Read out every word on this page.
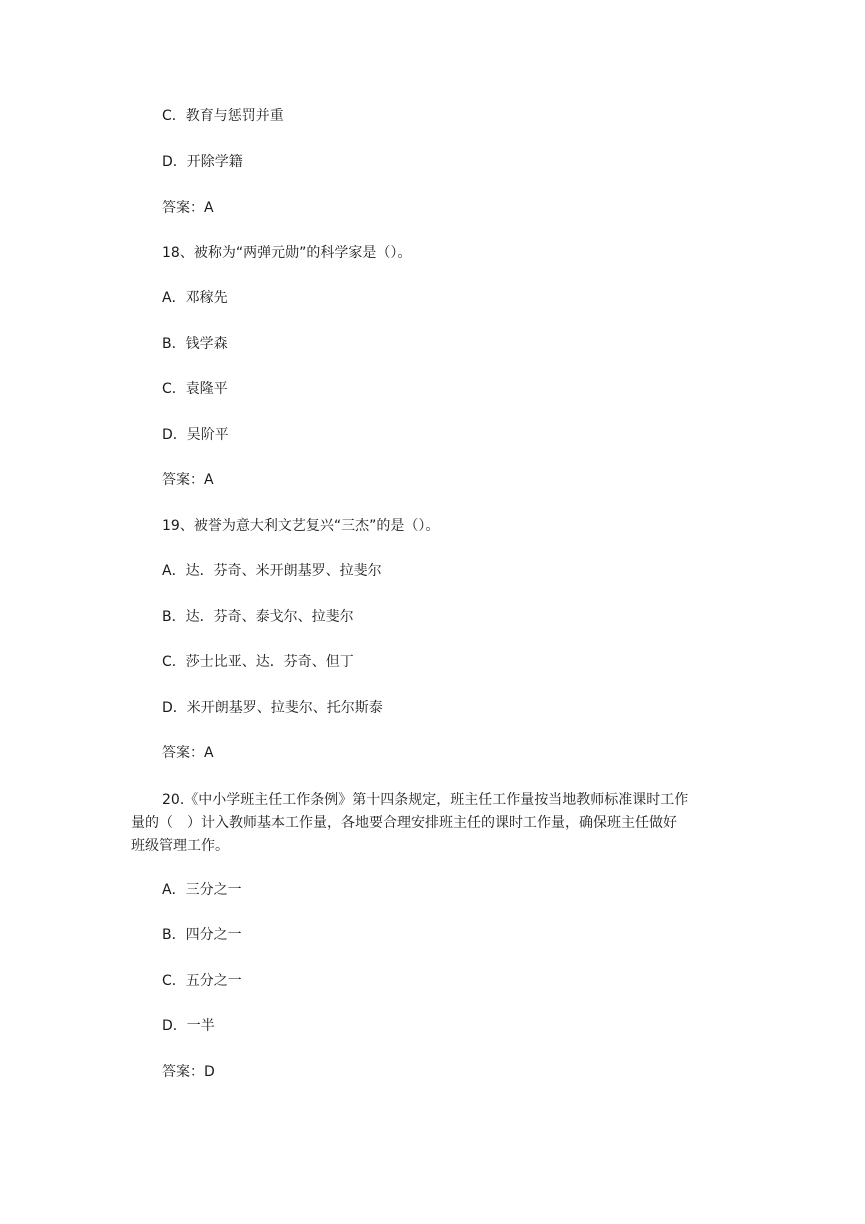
C．教育与惩罚并重
D．开除学籍
答案：A
18、被称为“两弹元勋”的科学家是（）。
A．邓稼先
B．钱学森
C．袁隆平
D．吴阶平
答案：A
19、被誉为意大利文艺复兴“三杰”的是（）。
A．达．芬奇、米开朗基罗、拉斐尔
B．达．芬奇、泰戈尔、拉斐尔
C．莎士比亚、达．芬奇、但丁
D．米开朗基罗、拉斐尔、托尔斯泰
答案：A
20.《中小学班主任工作条例》第十四条规定，班主任工作量按当地教师标准课时工作
量的（　）计入教师基本工作量，各地要合理安排班主任的课时工作量，确保班主任做好
班级管理工作。
A．三分之一
B．四分之一
C．五分之一
D．一半
答案：D
